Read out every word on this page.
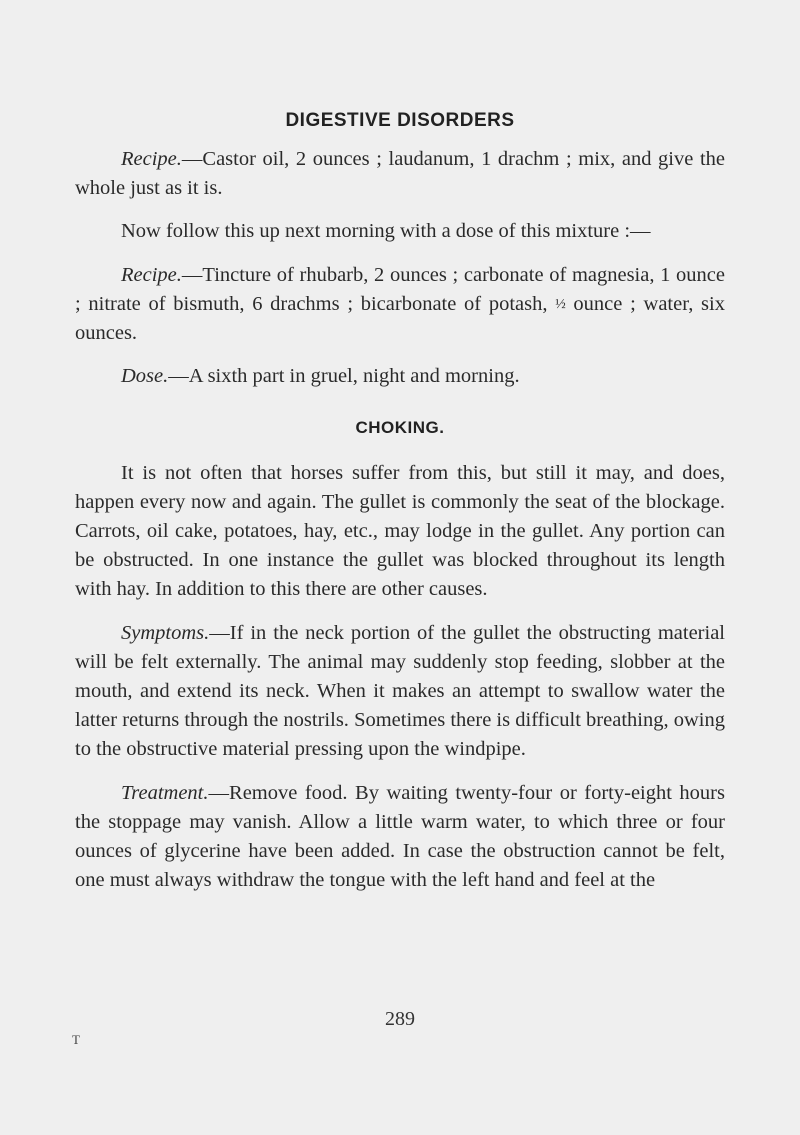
DIGESTIVE DISORDERS

Recipe.—Castor oil, 2 ounces ; laudanum, 1 drachm ; mix, and give the whole just as it is.

Now follow this up next morning with a dose of this mixture :—

Recipe.—Tincture of rhubarb, 2 ounces ; carbonate of magnesia, 1 ounce ; nitrate of bismuth, 6 drachms ; bicarbonate of potash, ½ ounce ; water, six ounces.

Dose.—A sixth part in gruel, night and morning.

CHOKING.

It is not often that horses suffer from this, but still it may, and does, happen every now and again. The gullet is commonly the seat of the blockage. Carrots, oil cake, potatoes, hay, etc., may lodge in the gullet. Any portion can be obstructed. In one instance the gullet was blocked throughout its length with hay. In addition to this there are other causes.

Symptoms.—If in the neck portion of the gullet the obstructing material will be felt externally. The animal may suddenly stop feeding, slobber at the mouth, and extend its neck. When it makes an attempt to swallow water the latter returns through the nostrils. Sometimes there is difficult breathing, owing to the obstructive material pressing upon the windpipe.

Treatment.—Remove food. By waiting twenty-four or forty-eight hours the stoppage may vanish. Allow a little warm water, to which three or four ounces of glycerine have been added. In case the obstruction cannot be felt, one must always withdraw the tongue with the left hand and feel at the

289
T
